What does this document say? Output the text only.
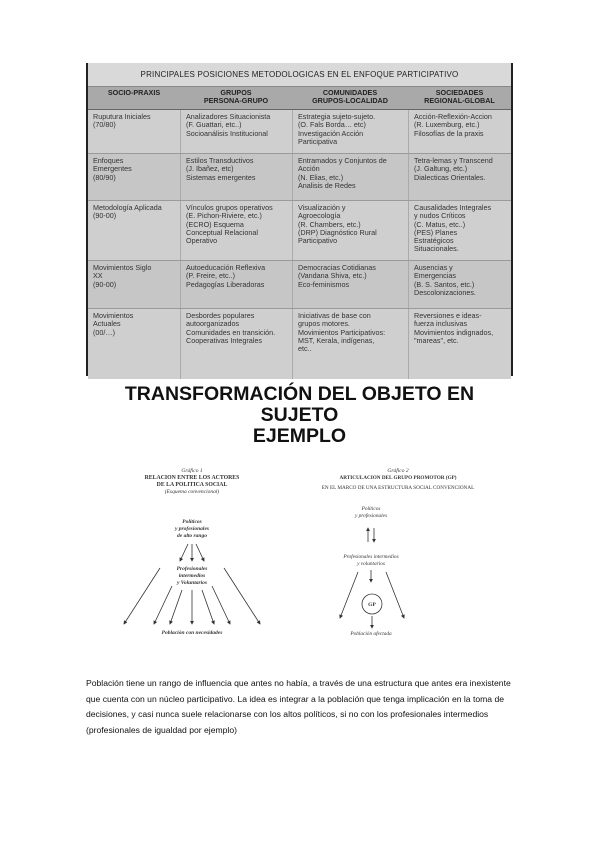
PRINCIPALES POSICIONES METODOLOGICAS EN EL ENFOQUE PARTICIPATIVO
SOCIO-PRAXIS	GRUPOS
PERSONA-GRUPO
COMUNIDADES
GRUPOS-LOCALIDAD
SOCIEDADES
REGIONAL-GLOBAL
Ruputura Iniciales
(70/80)
Analizadores Situacionista
(F. Guattari, etc..)
Socioanálisis Institucional
Estrategia sujeto-sujeto.
(O. Fals Borda… etc)
Investigación Acción
Participativa
Acción-Reflexión-Accion
(R. Luxemburg, etc.)
Filosofías de la praxis
Enfoques
Emergentes
(80/90)
Estilos Transductivos
(J. Ibañez, etc)
Sistemas emergentes
Entramados y Conjuntos de
Acción
(N. Elias, etc.)
Analisis de Redes
Tetra-lemas y Transcend
(J. Galtung, etc.)
Dialecticas Orientales.
Metodología Aplicada
(90-00)
Vínculos grupos operativos
(E. Pichon-Riviere, etc.)
(ECRO) Esquema
Conceptual Relacional
Operativo
Visualización y
Agroecología
(R. Chambers, etc.)
(DRP) Diagnóstico Rural
Participativo
Causalidades Integrales
y nudos Críticos
(C. Matus, etc..)
(PES) Planes
Estratégicos
Situacionales.
Movimientos Siglo
XX
(90-00)
Autoeducación Reflexiva
(P. Freire, etc..)
Pedagogías Liberadoras
Democracias Cotidianas
(Vandana Shiva, etc.)
Eco-feminismos
Ausencias y
Emergencias
(B. S. Santos, etc.)
Descolonizaciones.
Movimientos
Actuales
(00/…)
Desbordes populares
autoorganizados
Comunidades en transición.
Cooperativas Integrales
Iniciativas de base con
grupos motores.
Movimientos Participativos:
MST, Kerala, indígenas,
etc..
Reversiones e ideas-
fuerza inclusivas
Movimientos indignados,
"mareas", etc.
TRANSFORMACIÓN DEL OBJETO EN
SUJETO
EJEMPLO
Gráfico 1
RELACION ENTRE LOS ACTORES
DE LA POLITICA SOCIAL
(Esquema convencional)
Políticos
y profesionales
de alto rango
Profesionales
intermedios
y Voluntarios
Población con necesidades
Gráfico 2
ARTICULACION DEL GRUPO PROMOTOR (GP)
EN EL MARCO DE UNA ESTRUCTURA SOCIAL CONVENCIONAL
Políticos
y profesionales
Profesionales intermedios
y voluntarios
Población afectada
GP
Población tiene un rango de influencia que antes no había, a través de una estructura que antes era inexistente que cuenta con un núcleo participativo. La idea es integrar a la población que tenga implicación en la toma de decisiones, y casi nunca suele relacionarse con los altos políticos, si no con los profesionales intermedios (profesionales de igualdad por ejemplo)
